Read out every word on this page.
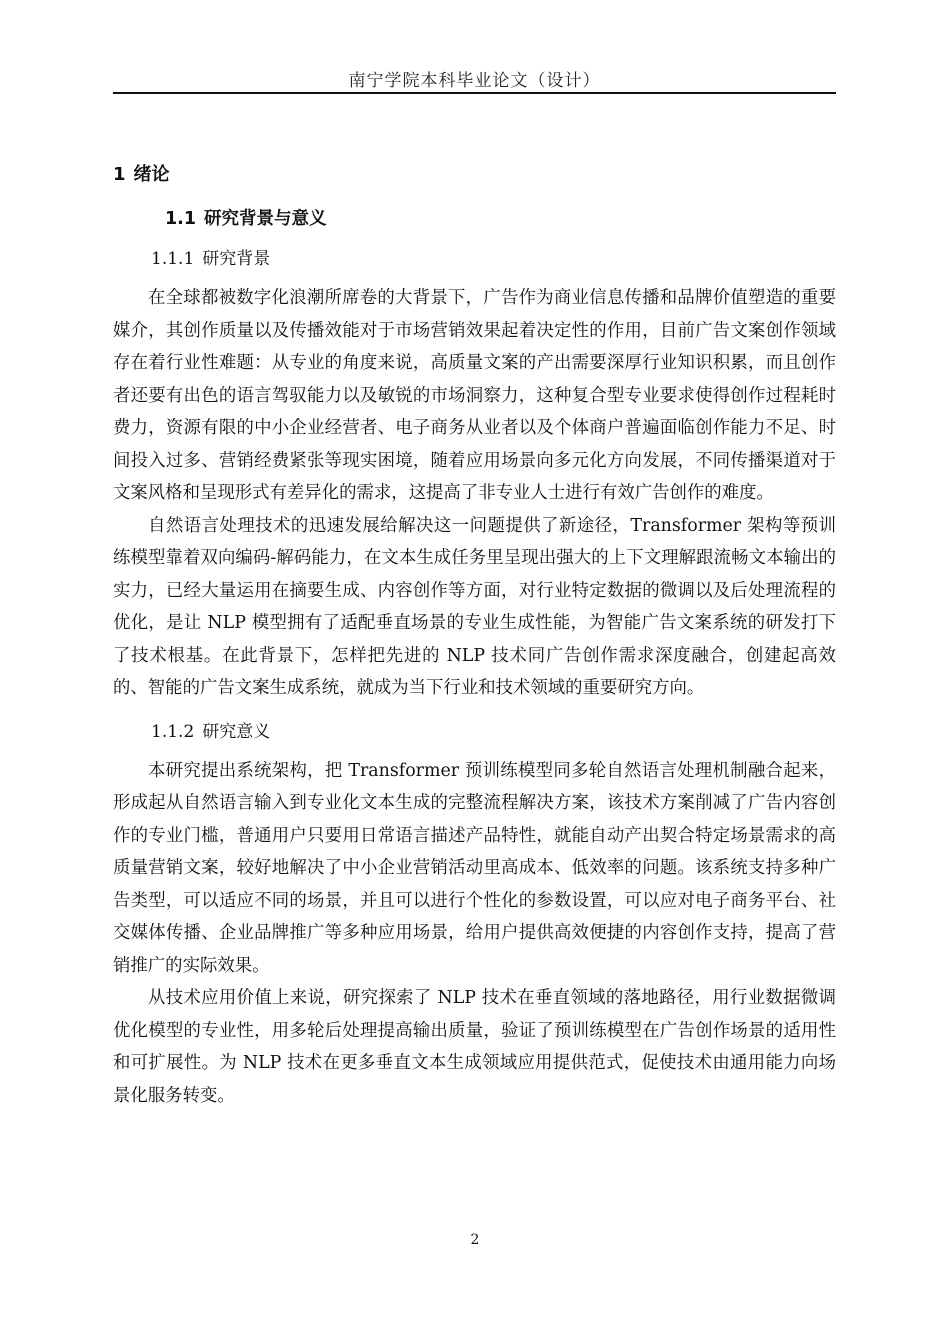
南宁学院本科毕业论文（设计）
1 绪论
1.1 研究背景与意义
1.1.1 研究背景

在全球都被数字化浪潮所席卷的大背景下，广告作为商业信息传播和品牌价值塑造的重要媒介，其创作质量以及传播效能对于市场营销效果起着决定性的作用，目前广告文案创作领域存在着行业性难题：从专业的角度来说，高质量文案的产出需要深厚行业知识积累，而且创作者还要有出色的语言驾驭能力以及敏锐的市场洞察力，这种复合型专业要求使得创作过程耗时费力，资源有限的中小企业经营者、电子商务从业者以及个体商户普遍面临创作能力不足、时间投入过多、营销经费紧张等现实困境，随着应用场景向多元化方向发展，不同传播渠道对于文案风格和呈现形式有差异化的需求，这提高了非专业人士进行有效广告创作的难度。

自然语言处理技术的迅速发展给解决这一问题提供了新途径，Transformer 架构等预训练模型靠着双向编码-解码能力，在文本生成任务里呈现出强大的上下文理解跟流畅文本输出的实力，已经大量运用在摘要生成、内容创作等方面，对行业特定数据的微调以及后处理流程的优化，是让 NLP 模型拥有了适配垂直场景的专业生成性能，为智能广告文案系统的研发打下了技术根基。在此背景下，怎样把先进的 NLP 技术同广告创作需求深度融合，创建起高效的、智能的广告文案生成系统，就成为当下行业和技术领域的重要研究方向。

1.1.2 研究意义

本研究提出系统架构，把 Transformer 预训练模型同多轮自然语言处理机制融合起来，形成起从自然语言输入到专业化文本生成的完整流程解决方案，该技术方案削减了广告内容创作的专业门槛，普通用户只要用日常语言描述产品特性，就能自动产出契合特定场景需求的高质量营销文案，较好地解决了中小企业营销活动里高成本、低效率的问题。该系统支持多种广告类型，可以适应不同的场景，并且可以进行个性化的参数设置，可以应对电子商务平台、社交媒体传播、企业品牌推广等多种应用场景，给用户提供高效便捷的内容创作支持，提高了营销推广的实际效果。

从技术应用价值上来说，研究探索了 NLP 技术在垂直领域的落地路径，用行业数据微调优化模型的专业性，用多轮后处理提高输出质量，验证了预训练模型在广告创作场景的适用性和可扩展性。为 NLP 技术在更多垂直文本生成领域应用提供范式，促使技术由通用能力向场景化服务转变。

2
